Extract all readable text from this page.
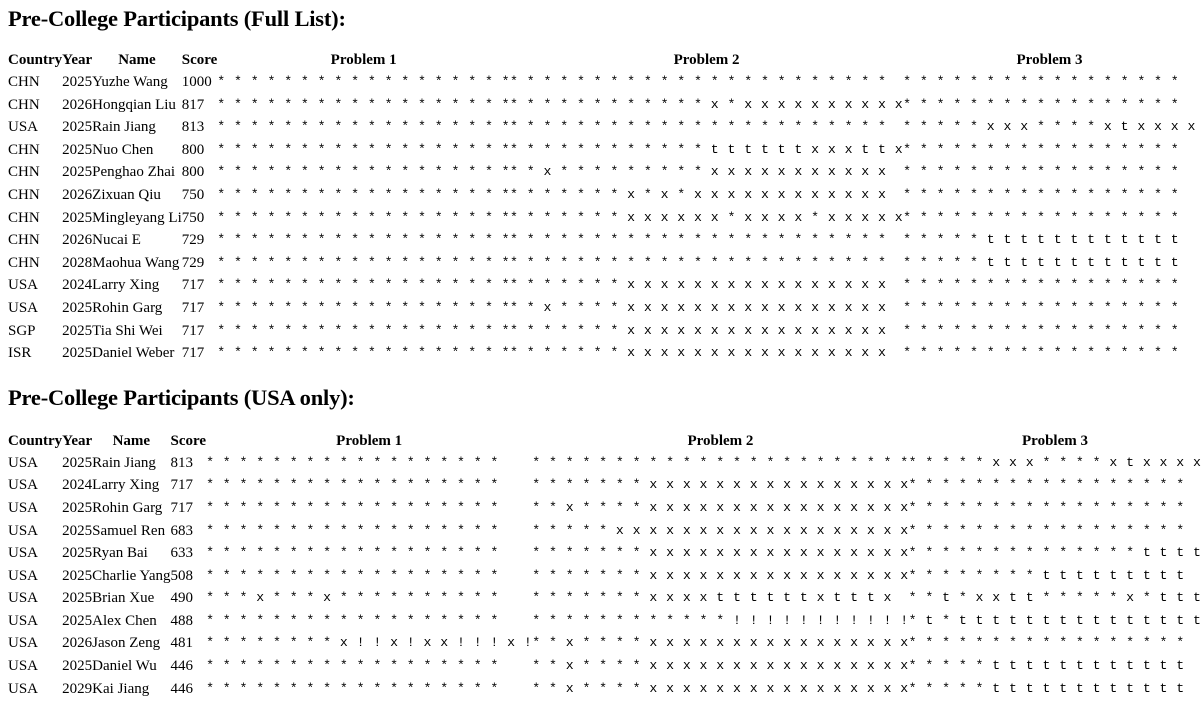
Pre-College Participants (Full List):
Country	Year	Name	Score	Problem 1	Problem 2	Problem 3
CHN	2025	Yuzhe Wang	1000	* * * * * * * * * * * * * * * * * *	* * * * * * * * * * * * * * * * * * * * * * *	* * * * * * * * * * * * * * * * *
CHN	2026	Hongqian Liu	817	* * * * * * * * * * * * * * * * * *	* * * * * * * * * * * * x * x x x x x x x x x x	* * * * * * * * * * * * * * * * *
USA	2025	Rain Jiang	813	* * * * * * * * * * * * * * * * * *	* * * * * * * * * * * * * * * * * * * * * * *	* * * * * x x x * * * * x t x x x x
CHN	2025	Nuo Chen	800	* * * * * * * * * * * * * * * * * *	* * * * * * * * * * * * t t t t t t x x x t t x	* * * * * * * * * * * * * * * * *
CHN	2025	Penghao Zhai	800	* * * * * * * * * * * * * * * * * *	* * x * * * * * * * * * x x x x x x x x x x x	* * * * * * * * * * * * * * * * *
CHN	2026	Zixuan Qiu	750	* * * * * * * * * * * * * * * * * *	* * * * * * * x * x * x x x x x x x x x x x x	* * * * * * * * * * * * * * * * *
CHN	2025	Mingleyang Li	750	* * * * * * * * * * * * * * * * * *	* * * * * * * x x x x x x * x x x x * x x x x x	* * * * * * * * * * * * * * * * *
CHN	2026	Nucai E	729	* * * * * * * * * * * * * * * * * *	* * * * * * * * * * * * * * * * * * * * * * *	* * * * * t t t t t t t t t t t t
CHN	2028	Maohua Wang	729	* * * * * * * * * * * * * * * * * *	* * * * * * * * * * * * * * * * * * * * * * *	* * * * * t t t t t t t t t t t t
USA	2024	Larry Xing	717	* * * * * * * * * * * * * * * * * *	* * * * * * * x x x x x x x x x x x x x x x x	* * * * * * * * * * * * * * * * *
USA	2025	Rohin Garg	717	* * * * * * * * * * * * * * * * * *	* * x * * * * x x x x x x x x x x x x x x x x	* * * * * * * * * * * * * * * * *
SGP	2025	Tia Shi Wei	717	* * * * * * * * * * * * * * * * * *	* * * * * * * x x x x x x x x x x x x x x x x	* * * * * * * * * * * * * * * * *
ISR	2025	Daniel Weber	717	* * * * * * * * * * * * * * * * * *	* * * * * * * x x x x x x x x x x x x x x x x	* * * * * * * * * * * * * * * * *
Pre-College Participants (USA only):
Country	Year	Name	Score	Problem 1	Problem 2	Problem 3
USA	2025	Rain Jiang	813	* * * * * * * * * * * * * * * * * *	* * * * * * * * * * * * * * * * * * * * * * *	* * * * * x x x * * * * x t x x x x
USA	2024	Larry Xing	717	* * * * * * * * * * * * * * * * * *	* * * * * * * x x x x x x x x x x x x x x x x	* * * * * * * * * * * * * * * * *
USA	2025	Rohin Garg	717	* * * * * * * * * * * * * * * * * *	* * x * * * * x x x x x x x x x x x x x x x x	* * * * * * * * * * * * * * * * *
USA	2025	Samuel Ren	683	* * * * * * * * * * * * * * * * * *	* * * * * x x x x x x x x x x x x x x x x x x	* * * * * * * * * * * * * * * * *
USA	2025	Ryan Bai	633	* * * * * * * * * * * * * * * * * *	* * * * * * * x x x x x x x x x x x x x x x x	* * * * * * * * * * * * * * t t t t
USA	2025	Charlie Yang	508	* * * * * * * * * * * * * * * * * *	* * * * * * * x x x x x x x x x x x x x x x x	* * * * * * * * t t t t t t t t t
USA	2025	Brian Xue	490	* * * x * * * x * * * * * * * * * *	* * * * * * * x x x x t t t t t t x t t t x	* * t * x x t t * * * * * x * t t t
USA	2025	Alex Chen	488	* * * * * * * * * * * * * * * * * *	* * * * * * * * * * * * ! ! ! ! ! ! ! ! ! ! !	* t * t t t t t t t t t t t t t t t
USA	2026	Jason Zeng	481	* * * * * * * * x ! ! x ! x x ! ! ! x !	* * x * * * * x x x x x x x x x x x x x x x x	* * * * * * * * * * * * * * * * *
USA	2025	Daniel Wu	446	* * * * * * * * * * * * * * * * * *	* * x * * * * x x x x x x x x x x x x x x x x	* * * * * t t t t t t t t t t t t
USA	2029	Kai Jiang	446	* * * * * * * * * * * * * * * * * *	* * x * * * * x x x x x x x x x x x x x x x x	* * * * * t t t t t t t t t t t t
